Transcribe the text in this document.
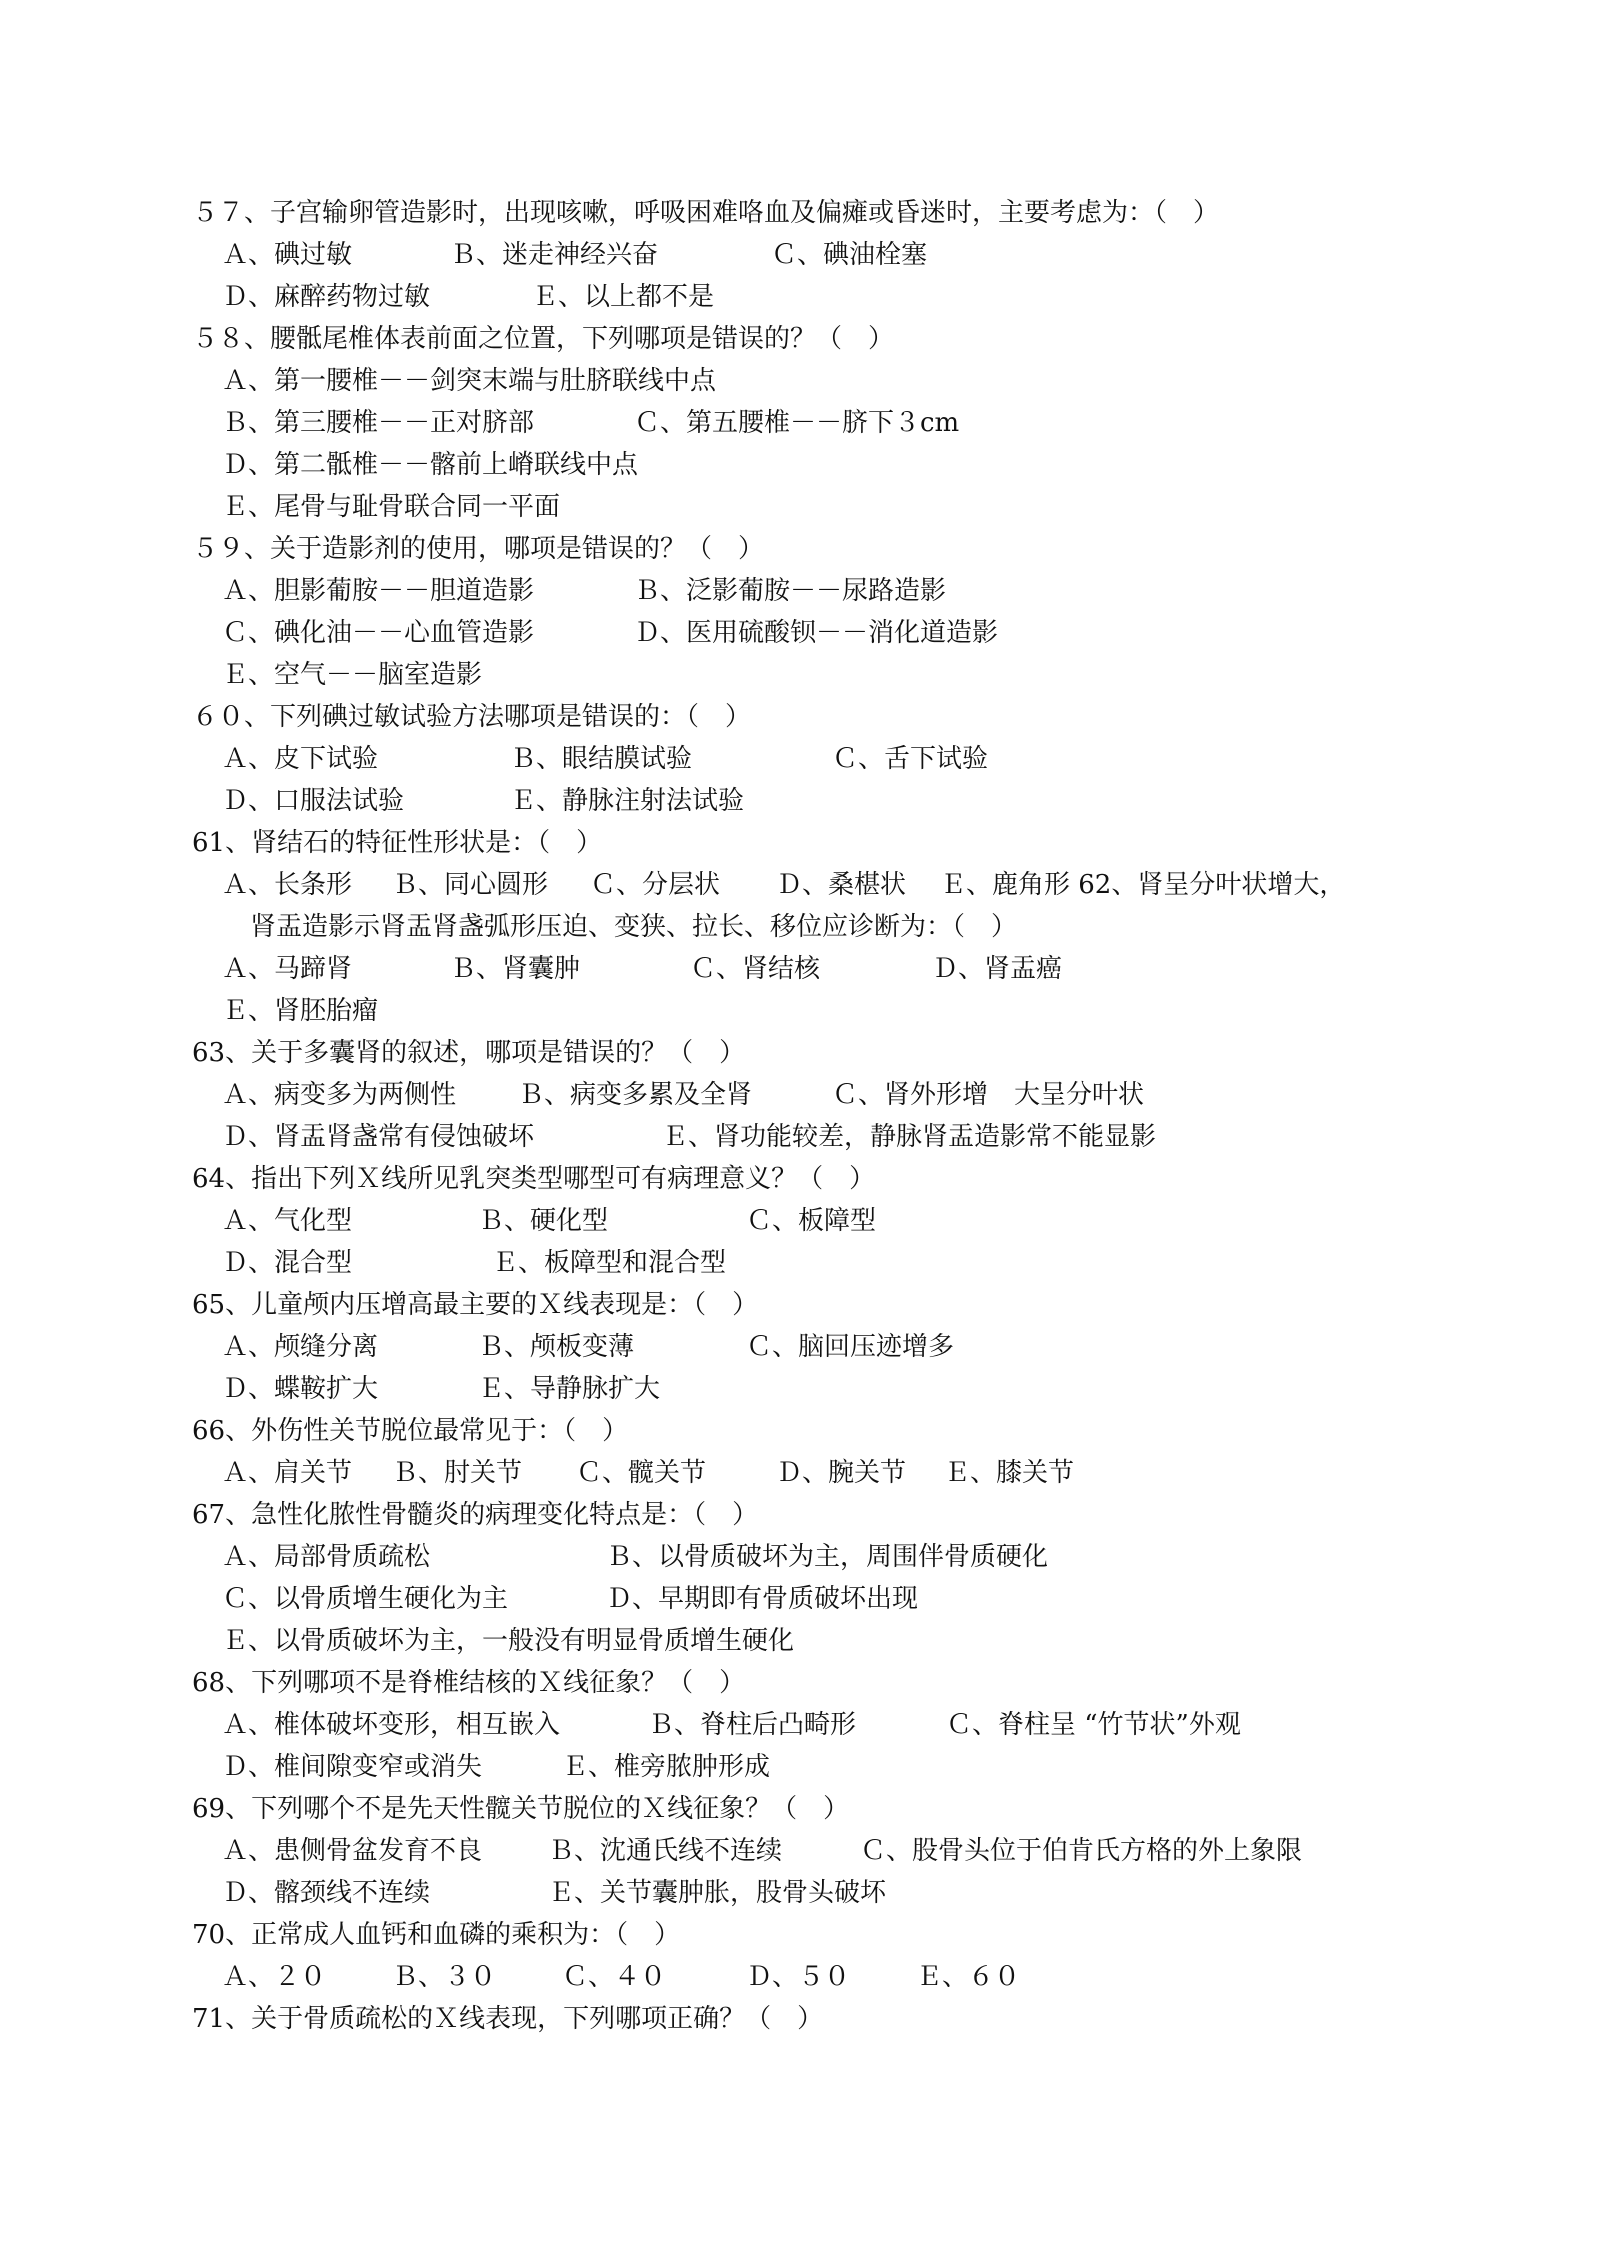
５７、子宫输卵管造影时，出现咳嗽，呼吸困难咯血及偏瘫或昏迷时，主要考虑为：（　）
Ａ、碘过敏	Ｂ、迷走神经兴奋	Ｃ、碘油栓塞
Ｄ、麻醉药物过敏	Ｅ、以上都不是
５８、腰骶尾椎体表前面之位置，下列哪项是错误的？（　）
Ａ、第一腰椎－－剑突末端与肚脐联线中点
Ｂ、第三腰椎－－正对脐部	Ｃ、第五腰椎－－脐下３cm
Ｄ、第二骶椎－－髂前上嵴联线中点
Ｅ、尾骨与耻骨联合同一平面
５９、关于造影剂的使用，哪项是错误的？（　）
Ａ、胆影葡胺－－胆道造影	Ｂ、泛影葡胺－－尿路造影
Ｃ、碘化油－－心血管造影	Ｄ、医用硫酸钡－－消化道造影
Ｅ、空气－－脑室造影
６０、下列碘过敏试验方法哪项是错误的：（　）
Ａ、皮下试验	Ｂ、眼结膜试验	Ｃ、舌下试验
Ｄ、口服法试验	Ｅ、静脉注射法试验
61、肾结石的特征性形状是：（　）
Ａ、长条形 Ｂ、同心圆形 Ｃ、分层状 Ｄ、桑椹状 Ｅ、鹿角形 62、肾呈分叶状增大，
肾盂造影示肾盂肾盏弧形压迫、变狭、拉长、移位应诊断为：（　）
Ａ、马蹄肾	Ｂ、肾囊肿	Ｃ、肾结核	Ｄ、肾盂癌
Ｅ、肾胚胎瘤
63、关于多囊肾的叙述，哪项是错误的？（　）
Ａ、病变多为两侧性 Ｂ、病变多累及全肾	Ｃ、肾外形增　大呈分叶状
Ｄ、肾盂肾盏常有侵蚀破坏	Ｅ、肾功能较差，静脉肾盂造影常不能显影
64、指出下列Ｘ线所见乳突类型哪型可有病理意义？（　）
Ａ、气化型	Ｂ、硬化型	Ｃ、板障型
Ｄ、混合型	Ｅ、板障型和混合型
65、儿童颅内压增高最主要的Ｘ线表现是：（　）
Ａ、颅缝分离	Ｂ、颅板变薄	Ｃ、脑回压迹增多
Ｄ、蝶鞍扩大	Ｅ、导静脉扩大
66、外伤性关节脱位最常见于：（　）
Ａ、肩关节 Ｂ、肘关节 Ｃ、髋关节	Ｄ、腕关节 Ｅ、膝关节
67、急性化脓性骨髓炎的病理变化特点是：（　）
Ａ、局部骨质疏松	Ｂ、以骨质破坏为主，周围伴骨质硬化
Ｃ、以骨质增生硬化为主	Ｄ、早期即有骨质破坏出现
Ｅ、以骨质破坏为主，一般没有明显骨质增生硬化
68、下列哪项不是脊椎结核的Ｘ线征象？（　）
Ａ、椎体破坏变形，相互嵌入	Ｂ、脊柱后凸畸形	Ｃ、脊柱呈 “竹节状”外观
Ｄ、椎间隙变窄或消失	Ｅ、椎旁脓肿形成
69、下列哪个不是先天性髋关节脱位的Ｘ线征象？（　）
Ａ、患侧骨盆发育不良	Ｂ、沈通氏线不连续	Ｃ、股骨头位于伯肯氏方格的外上象限
Ｄ、髂颈线不连续	Ｅ、关节囊肿胀，股骨头破坏
70、正常成人血钙和血磷的乘积为：（　）
Ａ、２０	Ｂ、３０	Ｃ、４０	Ｄ、５０	Ｅ、６０
71、关于骨质疏松的Ｘ线表现，下列哪项正确？（　）
